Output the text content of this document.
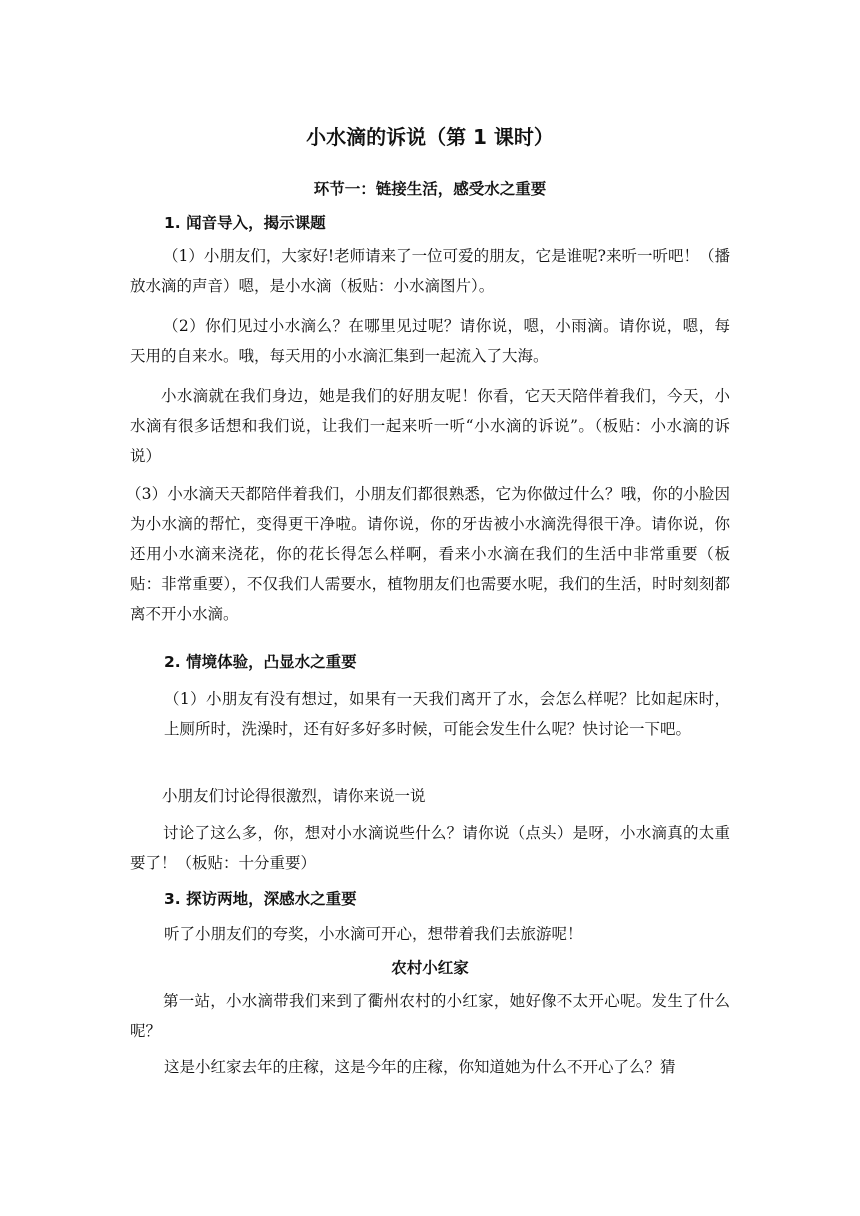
小水滴的诉说（第 1 课时）
环节一：链接生活，感受水之重要
1. 闻音导入，揭示课题

（1）小朋友们，大家好!老师请来了一位可爱的朋友，它是谁呢?来听一听吧！（播放水滴的声音）嗯，是小水滴（板贴：小水滴图片）。

（2）你们见过小水滴么？在哪里见过呢？请你说，嗯，小雨滴。请你说，嗯，每天用的自来水。哦，每天用的小水滴汇集到一起流入了大海。

小水滴就在我们身边，她是我们的好朋友呢！你看，它天天陪伴着我们，今天，小水滴有很多话想和我们说，让我们一起来听一听“小水滴的诉说”。（板贴：小水滴的诉说）

（3）小水滴天天都陪伴着我们，小朋友们都很熟悉，它为你做过什么？哦，你的小脸因为小水滴的帮忙，变得更干净啦。请你说，你的牙齿被小水滴洗得很干净。请你说，你还用小水滴来浇花，你的花长得怎么样啊，看来小水滴在我们的生活中非常重要（板贴：非常重要），不仅我们人需要水，植物朋友们也需要水呢，我们的生活，时时刻刻都离不开小水滴。

2. 情境体验，凸显水之重要

（1）小朋友有没有想过，如果有一天我们离开了水，会怎么样呢？比如起床时，上厕所时，洗澡时，还有好多好多时候，可能会发生什么呢？快讨论一下吧。

小朋友们讨论得很激烈，请你来说一说

讨论了这么多，你，想对小水滴说些什么？请你说（点头）是呀，小水滴真的太重要了！（板贴：十分重要）

3. 探访两地，深感水之重要

听了小朋友们的夸奖，小水滴可开心，想带着我们去旅游呢！

农村小红家

第一站，小水滴带我们来到了衢州农村的小红家，她好像不太开心呢。发生了什么呢？

这是小红家去年的庄稼，这是今年的庄稼，你知道她为什么不开心了么？猜
